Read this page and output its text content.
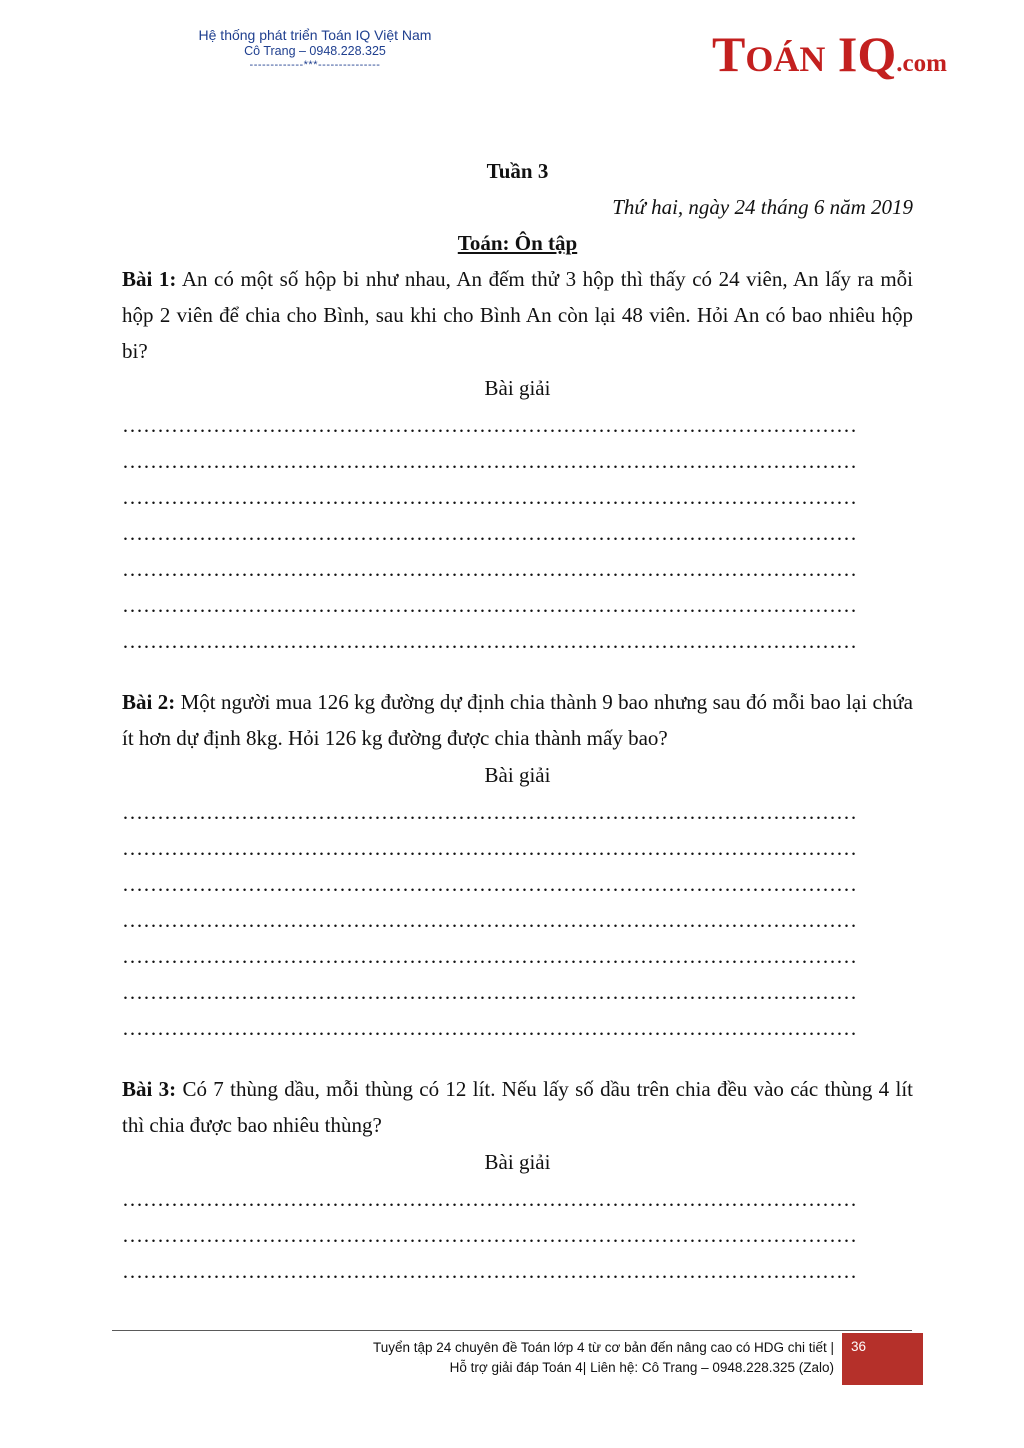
Hệ thống phát triển Toán IQ Việt Nam
Cô Trang – 0948.228.325
-------------***---------------	TOÁN IQ.com
Tuần 3
Thứ hai, ngày 24 tháng 6 năm 2019
Toán: Ôn tập
Bài 1: An có một số hộp bi như nhau, An đếm thử 3 hộp thì thấy có 24 viên, An lấy ra mỗi hộp 2 viên để chia cho Bình, sau khi cho Bình An còn lại 48 viên. Hỏi An có bao nhiêu hộp bi?
Bài giải
……………………………………………………………………………………………
……………………………………………………………………………………………
……………………………………………………………………………………………
……………………………………………………………………………………………
……………………………………………………………………………………………
……………………………………………………………………………………………
……………………………………………………………………………………………
Bài 2: Một người mua 126 kg đường dự định chia thành 9 bao nhưng sau đó mỗi bao lại chứa ít hơn dự định 8kg. Hỏi 126 kg đường được chia thành mấy bao?
Bài giải
……………………………………………………………………………………………
……………………………………………………………………………………………
……………………………………………………………………………………………
……………………………………………………………………………………………
……………………………………………………………………………………………
……………………………………………………………………………………………
……………………………………………………………………………………………
Bài 3: Có 7 thùng dầu, mỗi thùng có 12 lít. Nếu lấy số dầu trên chia đều vào các thùng 4 lít thì chia được bao nhiêu thùng?
Bài giải
……………………………………………………………………………………………
……………………………………………………………………………………………
……………………………………………………………………………………………
Tuyển tập 24 chuyên đề Toán lớp 4 từ cơ bản đến nâng cao có HDG chi tiết |
Hỗ trợ giải đáp Toán 4| Liên hệ: Cô Trang – 0948.228.325 (Zalo)
36
